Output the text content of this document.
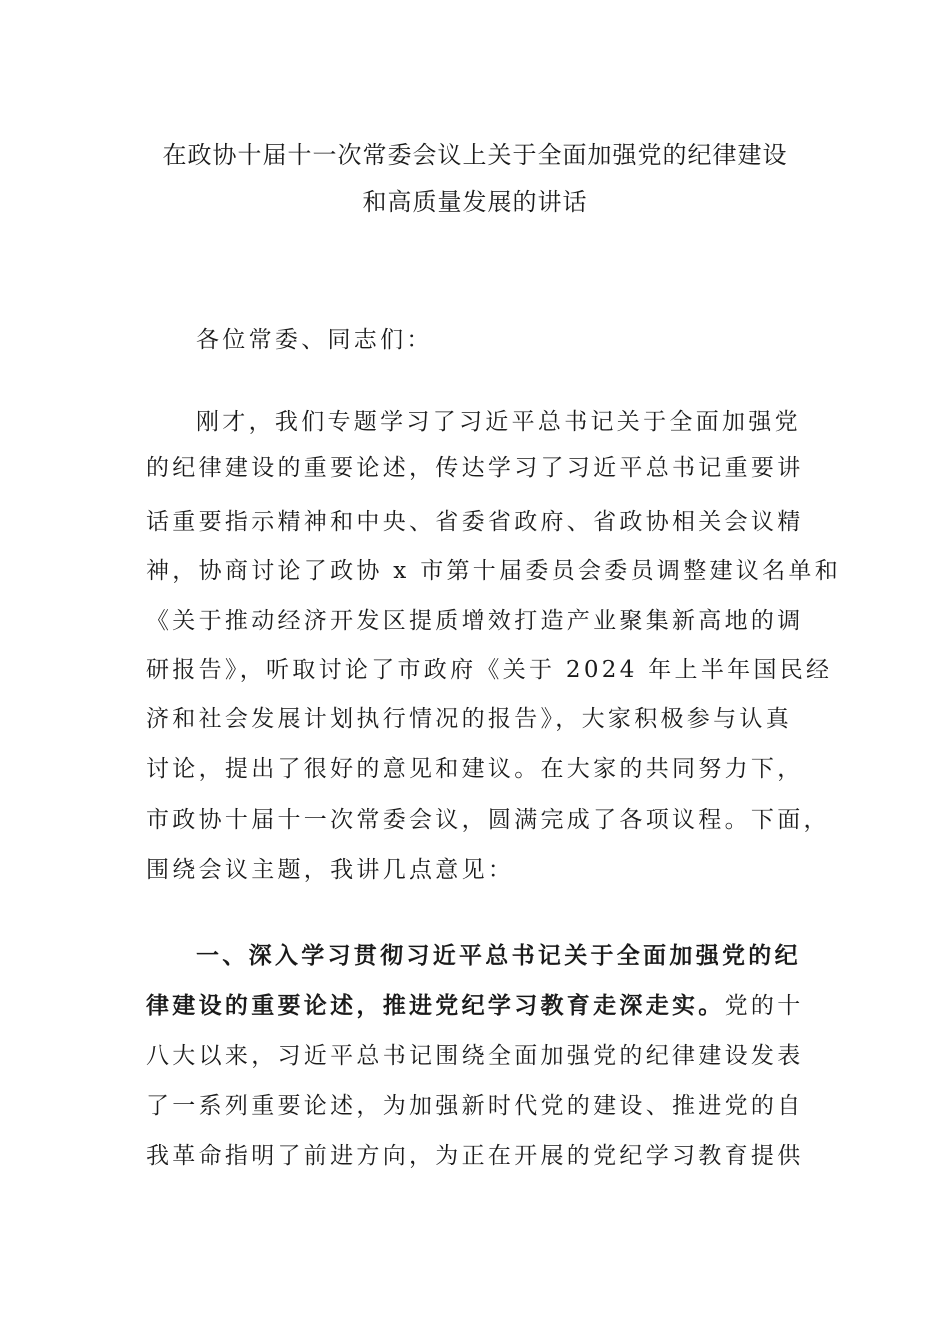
在政协十届十一次常委会议上关于全面加强党的纪律建设
和高质量发展的讲话
各位常委、同志们：
刚才，我们专题学习了习近平总书记关于全面加强党
的纪律建设的重要论述，传达学习了习近平总书记重要讲
话重要指示精神和中央、省委省政府、省政协相关会议精
神，协商讨论了政协 x 市第十届委员会委员调整建议名单和
《关于推动经济开发区提质增效打造产业聚集新高地的调
研报告》，听取讨论了市政府《关于 2024 年上半年国民经
济和社会发展计划执行情况的报告》，大家积极参与认真
讨论，提出了很好的意见和建议。在大家的共同努力下，
市政协十届十一次常委会议，圆满完成了各项议程。下面，
围绕会议主题，我讲几点意见：
一、深入学习贯彻习近平总书记关于全面加强党的纪
律建设的重要论述，推进党纪学习教育走深走实。党的十
八大以来，习近平总书记围绕全面加强党的纪律建设发表
了一系列重要论述，为加强新时代党的建设、推进党的自
我革命指明了前进方向，为正在开展的党纪学习教育提供
